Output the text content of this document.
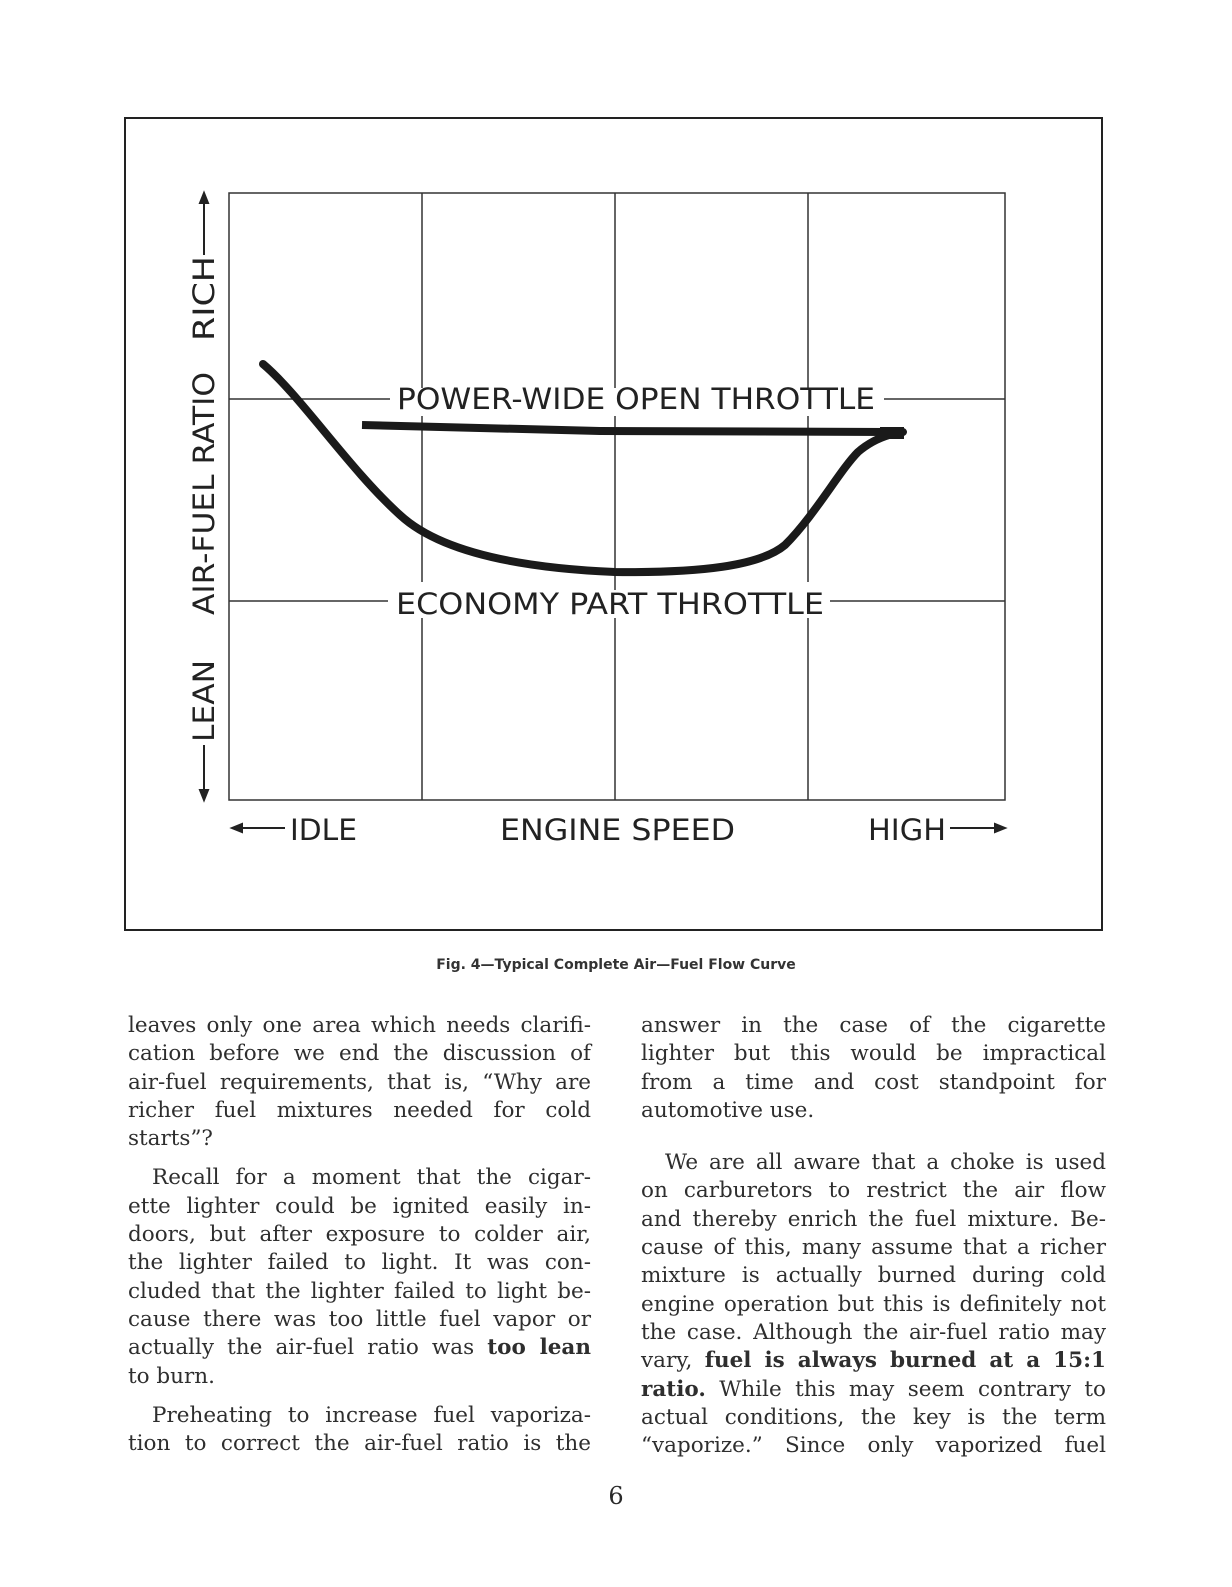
POWER-WIDE OPEN THROTTLE
ECONOMY PART THROTTLE
LEAN
AIR-FUEL RATIO
RICH
IDLE	ENGINE SPEED	HIGH
Fig. 4—Typical Complete Air—Fuel Flow Curve
leaves only one area which needs clarifi-
cation before we end the discussion of
air-fuel requirements, that is, “Why are
richer fuel mixtures needed for cold
starts”?
Recall for a moment that the cigar-
ette lighter could be ignited easily in-
doors, but after exposure to colder air,
the lighter failed to light. It was con-
cluded that the lighter failed to light be-
cause there was too little fuel vapor or
actually the air-fuel ratio was too lean
to burn.
Preheating to increase fuel vaporiza-
tion to correct the air-fuel ratio is the
answer in the case of the cigarette
lighter but this would be impractical
from a time and cost standpoint for
automotive use.
We are all aware that a choke is used
on carburetors to restrict the air flow
and thereby enrich the fuel mixture. Be-
cause of this, many assume that a richer
mixture is actually burned during cold
engine operation but this is definitely not
the case. Although the air-fuel ratio may
vary, fuel is always burned at a 15:1
ratio. While this may seem contrary to
actual conditions, the key is the term
“vaporize.” Since only vaporized fuel
6
